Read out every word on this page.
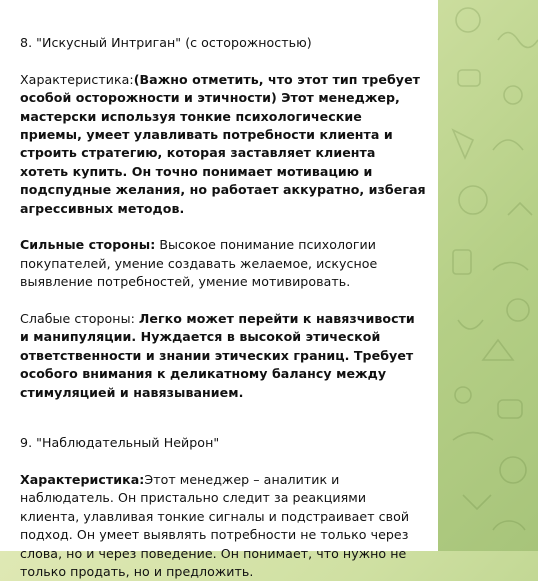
8. "Искусный Интриган" (с осторожностью)

Характеристика:(Важно отметить, что этот тип требует особой осторожности и этичности) Этот менеджер, мастерски используя тонкие психологические приемы, умеет улавливать потребности клиента и строить стратегию, которая заставляет клиента хотеть купить. Он точно понимает мотивацию и подспудные желания, но работает аккуратно, избегая агрессивных методов.

Сильные стороны: Высокое понимание психологии покупателей, умение создавать желаемое, искусное выявление потребностей, умение мотивировать.

Слабые стороны: Легко может перейти к навязчивости и манипуляции. Нуждается в высокой этической ответственности и знании этических границ. Требует особого внимания к деликатному балансу между стимуляцией и навязыванием.

9. "Наблюдательный Нейрон"

Характеристика:Этот менеджер – аналитик и наблюдатель. Он пристально следит за реакциями клиента, улавливая тонкие сигналы и подстраивает свой подход. Он умеет выявлять потребности не только через слова, но и через поведение. Он понимает, что нужно не только продать, но и предложить.
